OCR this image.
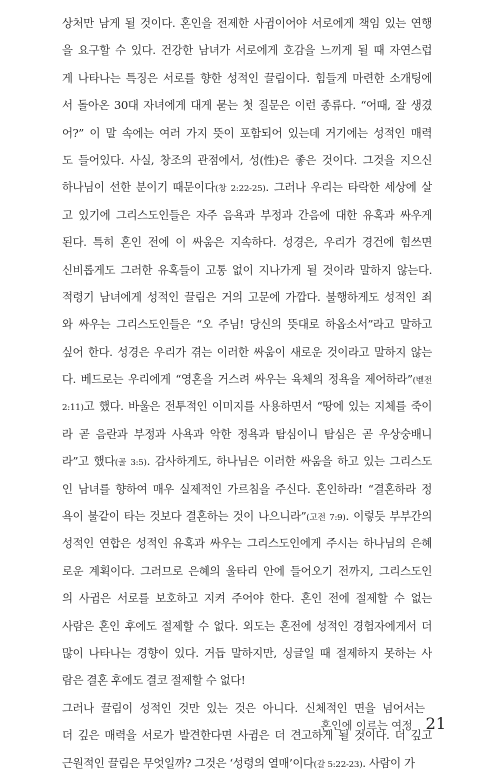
상처만 남게 될 것이다. 혼인을 전제한 사귐이어야 서로에게 책임 있는 연행
을 요구할 수 있다. 건강한 남녀가 서로에게 호감을 느끼게 될 때 자연스럽
게 나타나는 특징은 서로를 향한 성적인 끌림이다. 힘들게 마련한 소개팅에
서 돌아온 30대 자녀에게 대게 묻는 첫 질문은 이런 종류다. “어때, 잘 생겼
어?” 이 말 속에는 여러 가지 뜻이 포함되어 있는데 거기에는 성적인 매력
도 들어있다. 사실, 창조의 관점에서, 성(性)은 좋은 것이다. 그것을 지으신
하나님이 선한 분이기 때문이다(창 2:22-25). 그러나 우리는 타락한 세상에 살
고 있기에 그리스도인들은 자주 음욕과 부정과 간음에 대한 유혹과 싸우게
된다. 특히 혼인 전에 이 싸움은 지속하다. 성경은, 우리가 경건에 힘쓰면
신비롭게도 그러한 유혹들이 고통 없이 지나가게 될 것이라 말하지 않는다.
적령기 남녀에게 성적인 끌림은 거의 고문에 가깝다. 불행하게도 성적인 죄
와 싸우는 그리스도인들은 “오 주님! 당신의 뜻대로 하옵소서”라고 말하고
싶어 한다. 성경은 우리가 겪는 이러한 싸움이 새로운 것이라고 말하지 않는
다. 베드로는 우리에게 “영혼을 거스려 싸우는 육체의 정욕을 제어하라”(벧전
2:11)고 했다. 바울은 전투적인 이미지를 사용하면서 “땅에 있는 지체를 죽이
라 곧 음란과 부정과 사욕과 악한 정욕과 탐심이니 탐심은 곧 우상숭배니
라”고 했다(골 3:5). 감사하게도, 하나님은 이러한 싸움을 하고 있는 그리스도
인 남녀를 향하여 매우 실제적인 가르침을 주신다. 혼인하라! “결혼하라 정
욕이 불같이 타는 것보다 결혼하는 것이 나으니라”(고전 7:9). 이렇듯 부부간의
성적인 연합은 성적인 유혹과 싸우는 그리스도인에게 주시는 하나님의 은혜
로운 계획이다. 그러므로 은혜의 울타리 안에 들어오기 전까지, 그리스도인
의 사귐은 서로를 보호하고 지켜 주어야 한다. 혼인 전에 절제할 수 없는
사람은 혼인 후에도 절제할 수 없다. 외도는 혼전에 성적인 경험자에게서 더
많이 나타나는 경향이 있다. 거듭 말하지만, 싱글일 때 절제하지 못하는 사
람은 결혼 후에도 결코 절제할 수 없다!
그러나 끌림이 성적인 것만 있는 것은 아니다. 신체적인 면을 넘어서는
더 깊은 매력을 서로가 발견한다면 사귐은 더 견고하게 될 것이다. 더 깊고
근원적인 끌림은 무엇일까? 그것은 ‘성령의 열매’이다(갈 5:22-23). 사람이 가
혼인에 이르는 여정 21
